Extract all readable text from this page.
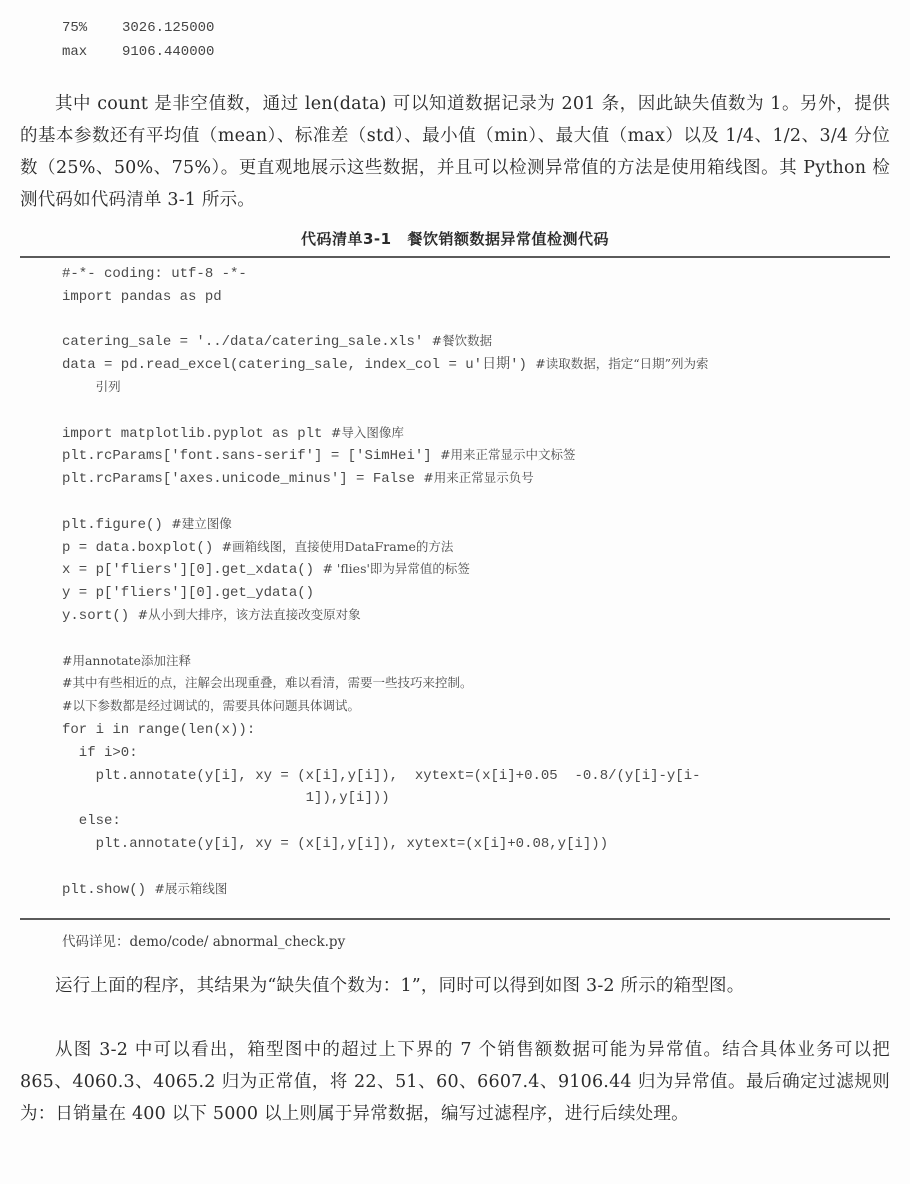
75%	3026.125000
max	9106.440000

其中 count 是非空值数，通过 len(data) 可以知道数据记录为 201 条，因此缺失值数为 1。另外，提供的基本参数还有平均值（mean）、标准差（std）、最小值（min）、最大值（max）以及 1/4、1/2、3/4 分位数（25%、50%、75%）。更直观地展示这些数据，并且可以检测异常值的方法是使用箱线图。其 Python 检测代码如代码清单 3-1 所示。

代码清单3-1 餐饮销额数据异常值检测代码
#-*- coding: utf-8 -*-
import pandas as pd
catering_sale = '../data/catering_sale.xls' #餐饮数据
data = pd.read_excel(catering_sale, index_col = u'日期') #读取数据，指定“日期”列为索
引列
import matplotlib.pyplot as plt #导入图像库
plt.rcParams['font.sans-serif'] = ['SimHei'] #用来正常显示中文标签
plt.rcParams['axes.unicode_minus'] = False #用来正常显示负号
plt.figure() #建立图像
p = data.boxplot() #画箱线图，直接使用DataFrame的方法
x = p['fliers'][0].get_xdata() # 'flies'即为异常值的标签
y = p['fliers'][0].get_ydata()
y.sort() #从小到大排序，该方法直接改变原对象
#用annotate添加注释
#其中有些相近的点，注解会出现重叠，难以看清，需要一些技巧来控制。
#以下参数都是经过调试的，需要具体问题具体调试。
for i in range(len(x)):
if i>0:
plt.annotate(y[i], xy = (x[i],y[i]),  xytext=(x[i]+0.05  -0.8/(y[i]-y[i-
1]),y[i]))
else:
plt.annotate(y[i], xy = (x[i],y[i]), xytext=(x[i]+0.08,y[i]))
plt.show() #展示箱线图
代码详见：demo/code/ abnormal_check.py

运行上面的程序，其结果为“缺失值个数为：1”，同时可以得到如图 3-2 所示的箱型图。

从图 3-2 中可以看出，箱型图中的超过上下界的 7 个销售额数据可能为异常值。结合具体业务可以把 865、4060.3、4065.2 归为正常值，将 22、51、60、6607.4、9106.44 归为异常值。最后确定过滤规则为：日销量在 400 以下 5000 以上则属于异常数据，编写过滤程序，进行后续处理。
